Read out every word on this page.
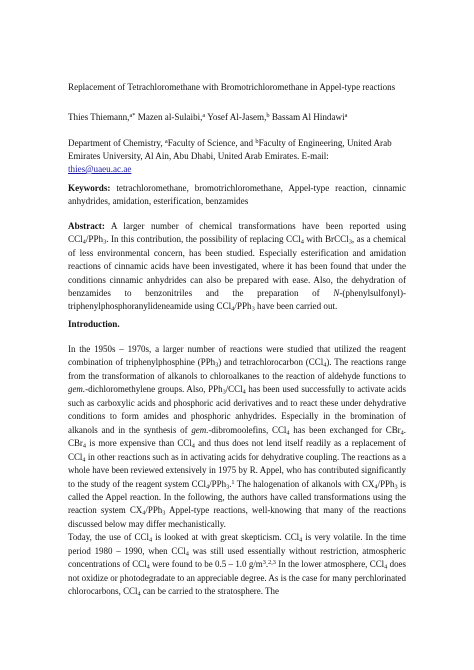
Replacement of Tetrachloromethane with Bromotrichloromethane in Appel-type reactions
Thies Thiemann,$^{a*}$ Mazen al-Sulaibi,$^a$ Yosef Al-Jasem,$^b$ Bassam Al Hindawi$^a$
Department of Chemistry, $^a$Faculty of Science, and $^b$Faculty of Engineering, United Arab Emirates University, Al Ain, Abu Dhabi, United Arab Emirates. E-mail:
thies@uaeu.ac.ae
Keywords: tetrachloromethane, bromotrichloromethane, Appel-type reaction, cinnamic anhydrides, amidation, esterification, benzamides
Abstract: A larger number of chemical transformations have been reported using CCl$_4$/PPh$_3$. In this contribution, the possibility of replacing CCl$_4$ with BrCCl$_3$, as a chemical of less environmental concern, has been studied. Especially esterification and amidation reactions of cinnamic acids have been investigated, where it has been found that under the conditions cinnamic anhydrides can also be prepared with ease. Also, the dehydration of benzamides to benzonitriles and the preparation of N-(phenylsulfonyl)-triphenylphosphoranylideneamide using CCl$_4$/PPh$_3$ have been carried out.
Introduction.

In the 1950s – 1970s, a larger number of reactions were studied that utilized the reagent combination of triphenylphosphine (PPh$_3$) and tetrachlorocarbon (CCl$_4$). The reactions range from the transformation of alkanols to chloroalkanes to the reaction of aldehyde functions to gem.-dichloromethylene groups. Also, PPh$_3$/CCl$_4$ has been used successfully to activate acids such as carboxylic acids and phosphoric acid derivatives and to react these under dehydrative conditions to form amides and phosphoric anhydrides. Especially in the bromination of alkanols and in the synthesis of gem.-dibromoolefins, CCl$_4$ has been exchanged for CBr$_4$. CBr$_4$ is more expensive than CCl$_4$ and thus does not lend itself readily as a replacement of CCl$_4$ in other reactions such as in activating acids for dehydrative coupling. The reactions as a whole have been reviewed extensively in 1975 by R. Appel, who has contributed significantly to the study of the reagent system CCl$_4$/PPh$_3$.$^1$ The halogenation of alkanols with $CX_4/PPh_3$ is called the Appel reaction. In the following, the authors have called transformations using the reaction system $CX_4/PPh_3$ Appel-type reactions, well-knowing that many of the reactions discussed below may differ mechanistically.

Today, the use of CCl$_4$ is looked at with great skepticism. CCl$_4$ is very volatile. In the time period 1980 – 1990, when CCl$_4$ was still used essentially without restriction, atmospheric concentrations of CCl$_4$ were found to be 0.5 – 1.0 $g/m^3.^{2,3}$ In the lower atmosphere, CCl$_4$ does not oxidize or photodegradate to an appreciable degree. As is the case for many perchlorinated chlorocarbons, CCl$_4$ can be carried to the stratosphere. The
